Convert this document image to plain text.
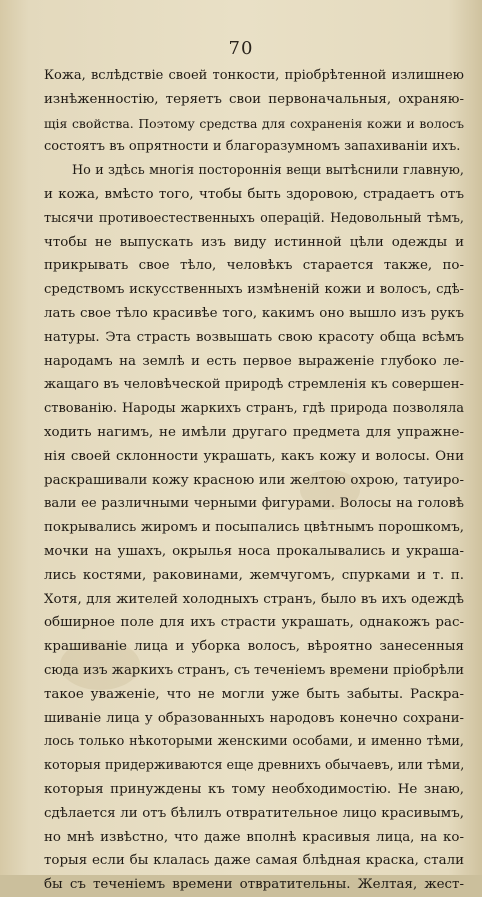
70
Кожа, вслѣдствіе своей тонкости, пріобрѣтенной излишнею
изнѣженностію, теряетъ свои первоначальныя, охраняю-
щія свойства. Поэтому средства для сохраненія кожи и волосъ
состоятъ въ опрятности и благоразумномъ запахиваніи ихъ.
Но и здѣсь многія постороннія вещи вытѣснили главную,
и кожа, вмѣсто того, чтобы быть здоровою, страдаетъ отъ
тысячи противоестественныхъ операцій. Недовольный тѣмъ,
чтобы не выпускать изъ виду истинной цѣли одежды и
прикрывать свое тѣло, человѣкъ старается также, по-
средствомъ искусственныхъ измѣненій кожи и волосъ, сдѣ-
лать свое тѣло красивѣе того, какимъ оно вышло изъ рукъ
натуры. Эта страсть возвышать свою красоту обща всѣмъ
народамъ на землѣ и есть первое выраженіе глубоко ле-
жащаго въ человѣческой природѣ стремленія къ совершен-
ствованію. Народы жаркихъ странъ, гдѣ природа позволяла
ходить нагимъ, не имѣли другаго предмета для упражне-
нія своей склонности украшать, какъ кожу и волосы. Они
раскрашивали кожу красною или желтою охрою, татуиро-
вали ее различными черными фигурами. Волосы на головѣ
покрывались жиромъ и посыпались цвѣтнымъ порошкомъ,
мочки на ушахъ, окрылья носа прокалывались и украша-
лись костями, раковинами, жемчугомъ, спурками и т. п.
Хотя, для жителей холодныхъ странъ, было въ ихъ одеждѣ
обширное поле для ихъ страсти украшать, однакожъ рас-
крашиваніе лица и уборка волосъ, вѣроятно занесенныя
сюда изъ жаркихъ странъ, съ теченіемъ времени пріобрѣли
такое уваженіе, что не могли уже быть забыты. Раскра-
шиваніе лица у образованныхъ народовъ конечно сохрани-
лось только нѣкоторыми женскими особами, и именно тѣми,
которыя придерживаются еще древнихъ обычаевъ, или тѣми,
которыя принуждены къ тому необходимостію. Не знаю,
сдѣлается ли отъ бѣлилъ отвратительное лицо красивымъ,
но мнѣ извѣстно, что даже вполнѣ красивыя лица, на ко-
торыя если бы клалась даже самая блѣдная краска, стали
бы съ теченіемъ времени отвратительны. Желтая, жест-
